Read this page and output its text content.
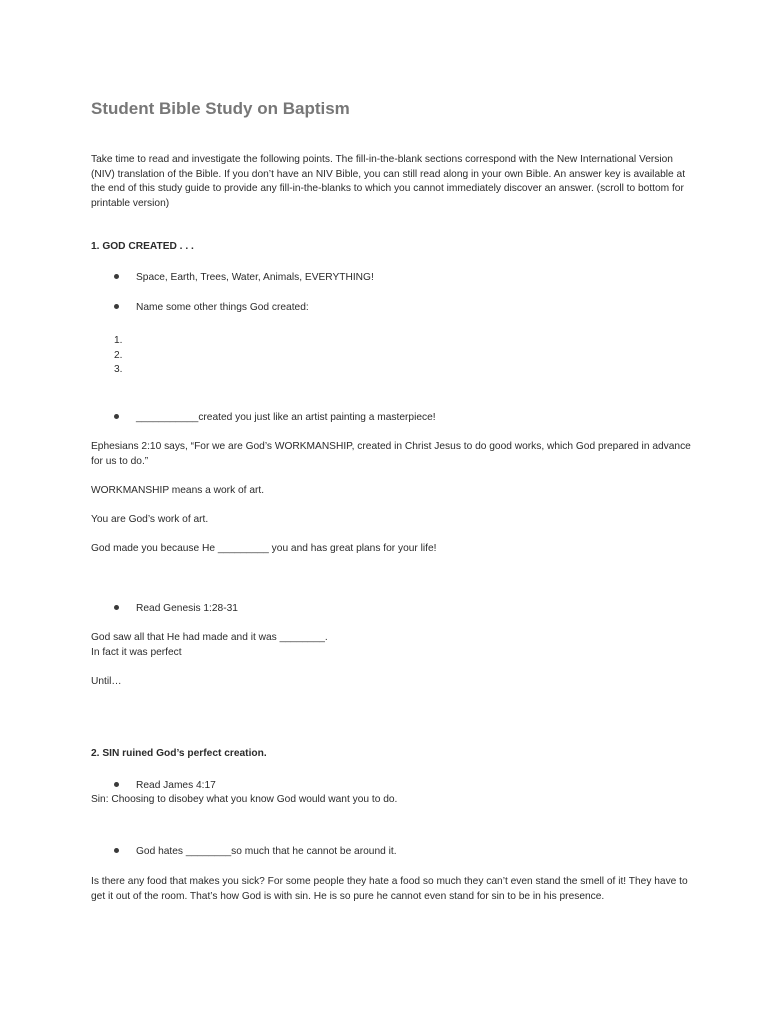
Student Bible Study on Baptism

Take time to read and investigate the following points. The fill-in-the-blank sections correspond with the New International Version (NIV) translation of the Bible. If you don’t have an NIV Bible, you can still read along in your own Bible. An answer key is available at the end of this study guide to provide any fill-in-the-blanks to which you cannot immediately discover an answer. (scroll to bottom for printable version)

1. GOD CREATED . . .

Space, Earth, Trees, Water, Animals, EVERYTHING!
Name some other things God created:
1.
2.
3.
___________created you just like an artist painting a masterpiece!

Ephesians 2:10 says, “For we are God’s WORKMANSHIP, created in Christ Jesus to do good works, which God prepared in advance for us to do.”

WORKMANSHIP means a work of art.

You are God’s work of art.

God made you because He _________ you and has great plans for your life!

Read Genesis 1:28-31

God saw all that He had made and it was ________.

In fact it was perfect

Until…

2. SIN ruined God’s perfect creation.

Read James 4:17

Sin: Choosing to disobey what you know God would want you to do.

God hates ________so much that he cannot be around it.

Is there any food that makes you sick? For some people they hate a food so much they can’t even stand the smell of it! They have to get it out of the room. That’s how God is with sin. He is so pure he cannot even stand for sin to be in his presence.
